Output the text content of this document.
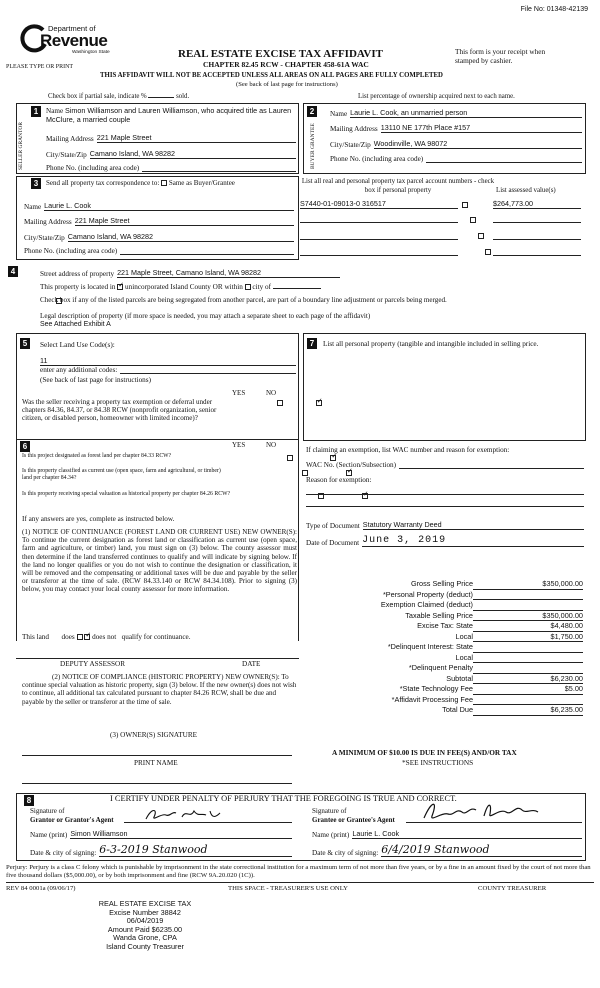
File No: 01348-42139
Department of
Revenue
Washington State
PLEASE TYPE OR PRINT
REAL ESTATE EXCISE TAX AFFIDAVIT
CHAPTER 82.45 RCW - CHAPTER 458-61A WAC
This form is your receipt when stamped by cashier.
THIS AFFIDAVIT WILL NOT BE ACCEPTED UNLESS ALL AREAS ON ALL PAGES ARE FULLY COMPLETED
(See back of last page for instructions)
Check box if partial sale, indicate %	sold.	List percentage of ownership acquired next to each name.
1
SELLER GRANTOR
Name Simon Williamson and Lauren Williamson, who acquired title as Lauren McClure, a married couple
Mailing Address 221 Maple Street
City/State/Zip Camano Island, WA 98282
Phone No. (including area code)
2
BUYER GRANTEE
Name Laurie L. Cook, an unmarried person
Mailing Address 13110 NE 177th Place #157
City/State/Zip Woodinville, WA 98072
Phone No. (including area code)
3	Send all property tax correspondence to: Same as Buyer/Grantee
Name Laurie L. Cook
Mailing Address 221 Maple Street
City/State/Zip Camano Island, WA 98282
Phone No. (including area code)
List all real and personal property tax parcel account numbers - check box if personal property	List assessed value(s)
S7440-01-09013-0 316517
	$264,773.00

4	Street address of property 221 Maple Street, Camano Island, WA 98282
This property is located in ✓ unincorporated Island County OR within city of

Check box if any of the listed parcels are being segregated from another parcel, are part of a boundary line adjustment or parcels being merged.
Legal description of property (if more space is needed, you may attach a separate sheet to each page of the affidavit)
See Attached Exhibit A
5	Select Land Use Code(s):
11
enter any additional codes:
(See back of last page for instructions)
YES	NO
Was the seller receiving a property tax exemption or deferral under chapters 84.36, 84.37, or 84.38 RCW (nonprofit organization, senior citizen, or disabled person, homeowner with limited income)?
✓
6	YES	NO
Is this project designated as forest land per chapter 84.33 RCW?
✓
Is this property classified as current use (open space, farm and agricultural, or timber) land per chapter 84.34?
✓
Is this property receiving special valuation as historical property per chapter 84.26 RCW?
✓
If any answers are yes, complete as instructed below.
(1) NOTICE OF CONTINUANCE (FOREST LAND OR CURRENT USE) NEW OWNER(S): To continue the current designation as forest land or classification as current use (open space, farm and agriculture, or timber) land, you must sign on (3) below. The county assessor must then determine if the land transferred continues to qualify and will indicate by signing below. If the land no longer qualifies or you do not wish to continue the designation or classification, it will be removed and the compensating or additional taxes will be due and payable by the seller or transferor at the time of sale. (RCW 84.33.140 or RCW 84.34.108). Prior to signing (3) below, you may contact your local county assessor for more information.
This land does ✓ does not qualify for continuance.
DEPUTY ASSESSOR	DATE
(2) NOTICE OF COMPLIANCE (HISTORIC PROPERTY) NEW OWNER(S): To continue special valuation as historic property, sign (3) below. If the new owner(s) does not wish to continue, all additional tax calculated pursuant to chapter 84.26 RCW, shall be due and payable by the seller or transferor at the time of sale.
(3) OWNER(S) SIGNATURE
PRINT NAME
7	List all personal property (tangible and intangible included in selling price.
If claiming an exemption, list WAC number and reason for exemption:
WAC No. (Section/Subsection)
Reason for exemption:
Type of Document Statutory Warranty Deed
Date of Document June 3, 2019
Gross Selling Price	$350,000.00
*Personal Property (deduct)
Exemption Claimed (deduct)
Taxable Selling Price	$350,000.00
Excise Tax: State	$4,480.00
Local	$1,750.00
*Delinquent Interest: State
Local
*Delinquent Penalty
Subtotal	$6,230.00
*State Technology Fee	$5.00
*Affidavit Processing Fee
Total Due	$6,235.00
A MINIMUM OF $10.00 IS DUE IN FEE(S) AND/OR TAX
*SEE INSTRUCTIONS
8	I CERTIFY UNDER PENALTY OF PERJURY THAT THE FOREGOING IS TRUE AND CORRECT.
Signature of
Grantor or Grantor's Agent
Name (print) Simon Williamson
Date & city of signing: 6-3-2019 Stanwood
Signature of
Grantee or Grantee's Agent
Name (print) Laurie L. Cook
Date & city of signing: 6/4/2019 Stanwood
Perjury: Perjury is a class C felony which is punishable by imprisonment in the state correctional institution for a maximum term of not more than five years, or by a fine in an amount fixed by the court of not more than five thousand dollars ($5,000.00), or by both imprisonment and fine (RCW 9A.20.020 (1C)).
REV 84 0001a (09/06/17)	THIS SPACE - TREASURER'S USE ONLY	COUNTY TREASURER
REAL ESTATE EXCISE TAX
Excise Number 38842
06/04/2019
Amount Paid $6235.00
Wanda Grone, CPA
Island County Treasurer
